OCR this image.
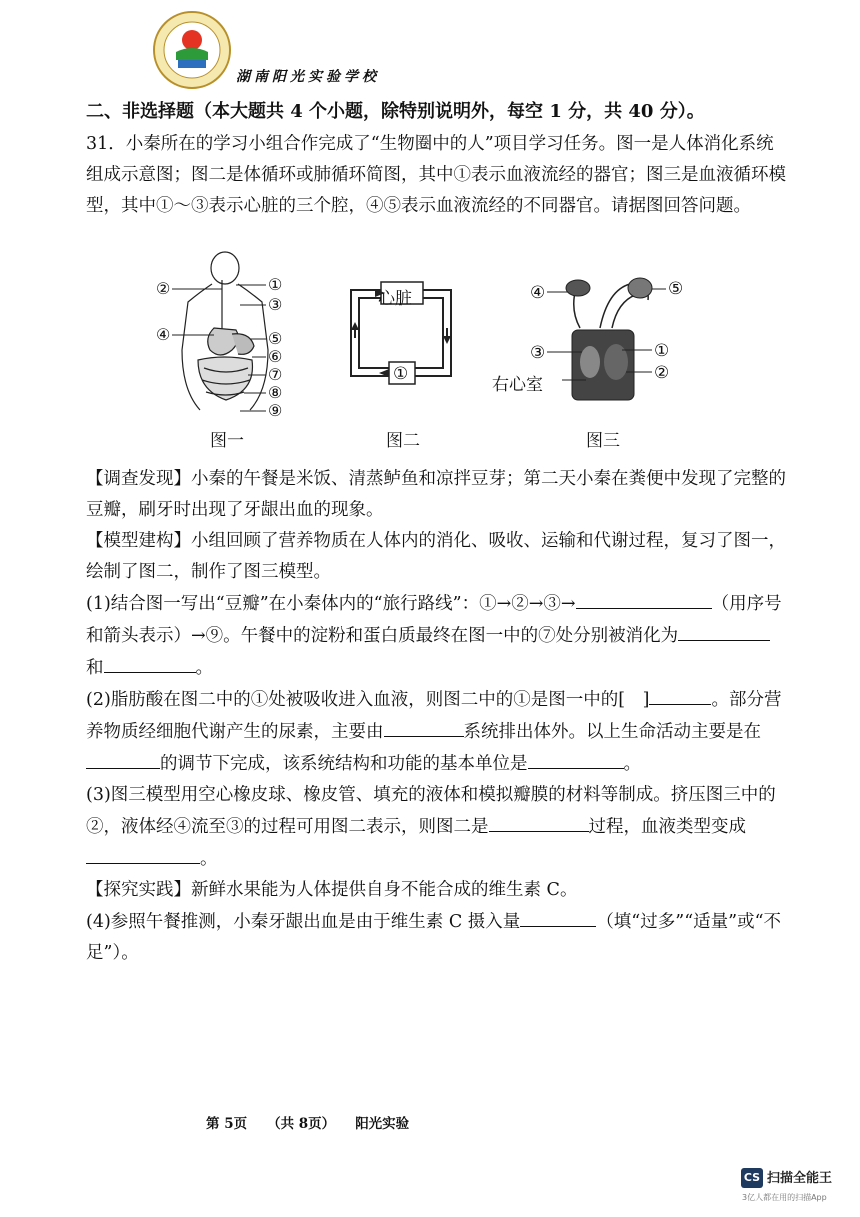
湖南阳光实验学校
二、非选择题（本大题共 4 个小题，除特别说明外，每空 1 分，共 40 分）。
31．小秦所在的学习小组合作完成了“生物圈中的人”项目学习任务。图一是人体消化系统组成示意图；图二是体循环或肺循环简图，其中①表示血液流经的器官；图三是血液循环模型，其中①～③表示心脏的三个腔，④⑤表示血液流经的不同器官。请据图回答问题。
②	①
③
④	⑤
⑥
⑦
⑧
⑨
图一
心脏
①
图二
④	⑤
③	①
②
右心室
图三

【调查发现】小秦的午餐是米饭、清蒸鲈鱼和凉拌豆芽；第二天小秦在粪便中发现了完整的豆瓣，刷牙时出现了牙龈出血的现象。

【模型建构】小组回顾了营养物质在人体内的消化、吸收、运输和代谢过程，复习了图一，绘制了图二，制作了图三模型。

(1)结合图一写出“豆瓣”在小秦体内的“旅行路线”：①→②→③→	（用序号和箭头表示）→⑨。午餐中的淀粉和蛋白质最终在图一中的⑦处分别被消化为和	。

(2)脂肪酸在图二中的①处被吸收进入血液，则图二中的①是图一中的[　]	。部分营养物质经细胞代谢产生的尿素，主要由	系统排出体外。以上生命活动主要是在的调节下完成，该系统结构和功能的基本单位是	。

(3)图三模型用空心橡皮球、橡皮管、填充的液体和模拟瓣膜的材料等制成。挤压图三中的②，液体经④流至③的过程可用图二表示，则图二是	过程，血液类型变成。

【探究实践】新鲜水果能为人体提供自身不能合成的维生素 C。

(4)参照午餐推测，小秦牙龈出血是由于维生素 C 摄入量	（填“过多”“适量”或“不足”）。

第 5页 （共 8页） 阳光实验
CS 扫描全能王
3亿人都在用的扫描App
